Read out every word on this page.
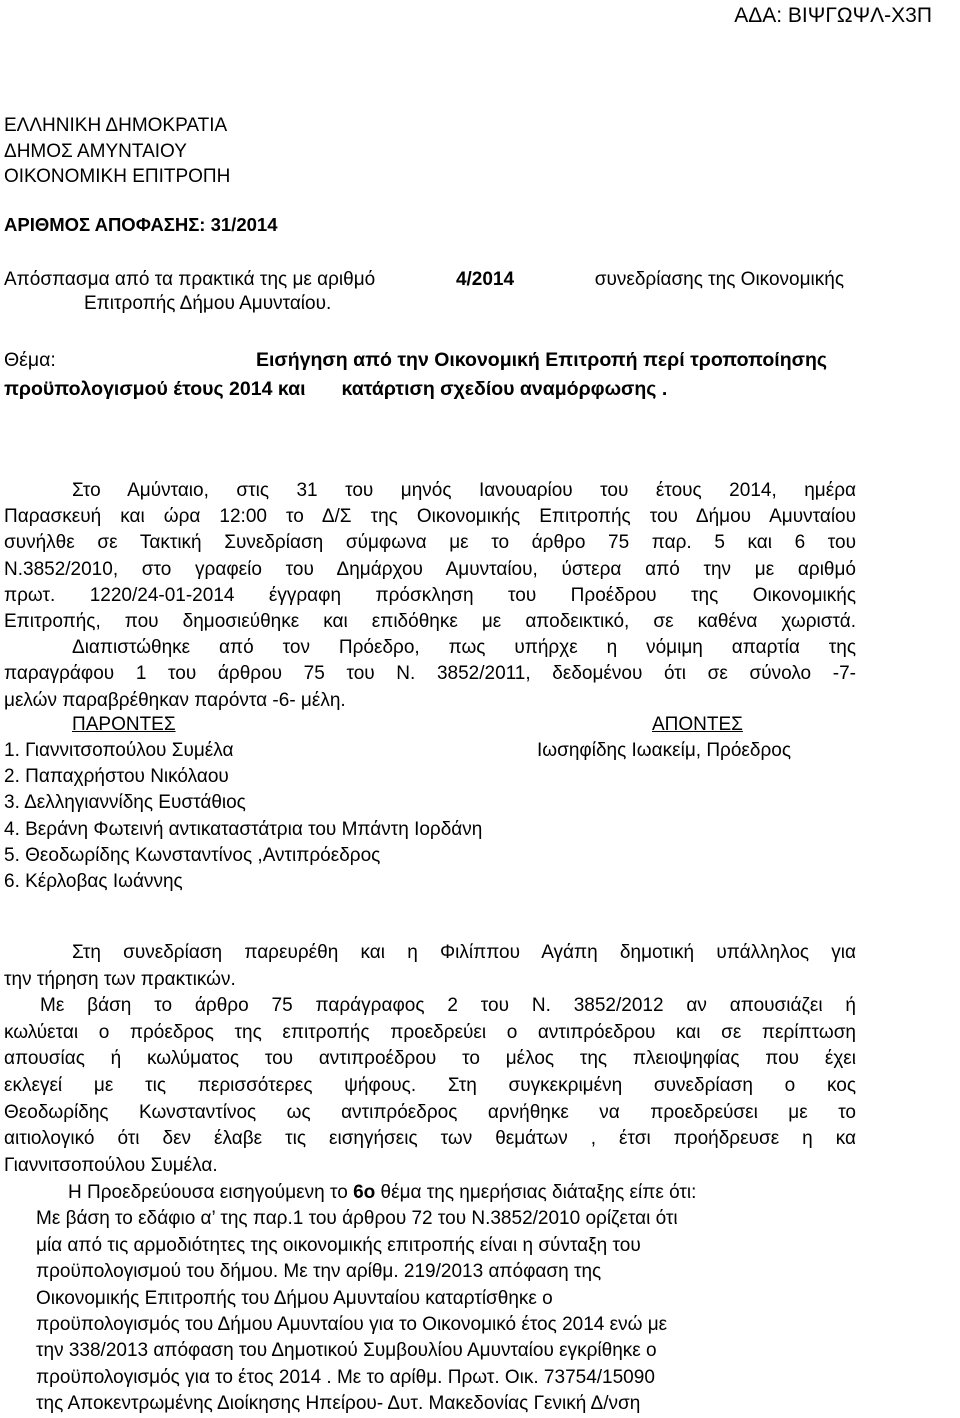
ΑΔΑ: ΒΙΨΓΩΨΛ-Χ3Π
ΕΛΛΗΝΙΚΗ ΔΗΜΟΚΡΑΤΙΑ
ΔΗΜΟΣ ΑΜΥΝΤΑΙΟΥ
ΟΙΚΟΝΟΜΙΚΗ ΕΠΙΤΡΟΠΗ
ΑΡΙΘΜΟΣ ΑΠΟΦΑΣΗΣ: 31/2014
Απόσπασμα από τα πρακτικά της με αριθμό	4/2014	συνεδρίασης της Οικονομικής
Επιτροπής Δήμου Αμυνταίου.
Θέμα:	Εισήγηση από την Οικονομική Επιτροπή περί τροποποίησης
προϋπολογισμού έτους 2014 και κατάρτιση σχεδίου αναμόρφωσης .
Στο Αμύνταιο, στις 31 του μηνός Ιανουαρίου του έτους 2014, ημέρα
Παρασκευή και ώρα 12:00 το Δ/Σ της Οικονομικής Επιτροπής του Δήμου Αμυνταίου
συνήλθε σε Τακτική Συνεδρίαση σύμφωνα με το άρθρο 75 παρ. 5 και 6 του
Ν.3852/2010, στο γραφείο του Δημάρχου Αμυνταίου, ύστερα από την με αριθμό
πρωτ. 1220/24-01-2014 έγγραφη πρόσκληση του Προέδρου της Οικονομικής
Επιτροπής, που δημοσιεύθηκε και επιδόθηκε με αποδεικτικό, σε καθένα χωριστά.
Διαπιστώθηκε από τον Πρόεδρο, πως υπήρχε η νόμιμη απαρτία της
παραγράφου 1 του άρθρου 75 του Ν. 3852/2011, δεδομένου ότι σε σύνολο -7-
μελών παραβρέθηκαν παρόντα -6- μέλη.
ΠΑΡΟΝΤΕΣ	ΑΠΟΝΤΕΣ
1. Γιαννιτσοπούλου Συμέλα	Ιωσηφίδης Ιωακείμ, Πρόεδρος
2. Παπαχρήστου Νικόλαου
3. Δελληγιαννίδης Ευστάθιος
4. Βεράνη Φωτεινή αντικαταστάτρια του Μπάντη Ιορδάνη
5. Θεοδωρίδης Κωνσταντίνος ,Αντιπρόεδρος
6. Κέρλοβας Ιωάννης
Στη συνεδρίαση παρευρέθη και η Φιλίππου Αγάπη δημοτική υπάλληλος για
την τήρηση των πρακτικών.
Με βάση το άρθρο 75 παράγραφος 2 του Ν. 3852/2012 αν απουσιάζει ή
κωλύεται ο πρόεδρος της επιτροπής προεδρεύει ο αντιπρόεδρου και σε περίπτωση
απουσίας ή κωλύματος του αντιπροέδρου το μέλος της πλειοψηφίας που έχει
εκλεγεί με τις περισσότερες ψήφους. Στη συγκεκριμένη συνεδρίαση ο κος
Θεοδωρίδης Κωνσταντίνος ως αντιπρόεδρος αρνήθηκε να προεδρεύσει με το
αιτιολογικό ότι δεν έλαβε τις εισηγήσεις των θεμάτων , έτσι προήδρευσε η κα
Γιαννιτσοπούλου Συμέλα.
Η Προεδρεύουσα εισηγούμενη το 6ο θέμα της ημερήσιας διάταξης είπε ότι:
Με βάση το εδάφιο α’ της παρ.1 του άρθρου 72 του Ν.3852/2010 ορίζεται ότι
μία από τις αρμοδιότητες της οικονομικής επιτροπής είναι η σύνταξη του
προϋπολογισμού του δήμου. Με την αρίθμ. 219/2013 απόφαση της
Οικονομικής Επιτροπής του Δήμου Αμυνταίου καταρτίσθηκε ο
προϋπολογισμός του Δήμου Αμυνταίου για το Οικονομικό έτος 2014 ενώ με
την 338/2013 απόφαση του Δημοτικού Συμβουλίου Αμυνταίου εγκρίθηκε ο
προϋπολογισμός για το έτος 2014 . Με το αρίθμ. Πρωτ. Οικ. 73754/15090
της Αποκεντρωμένης Διοίκησης Ηπείρου- Δυτ. Μακεδονίας Γενική Δ/νση
